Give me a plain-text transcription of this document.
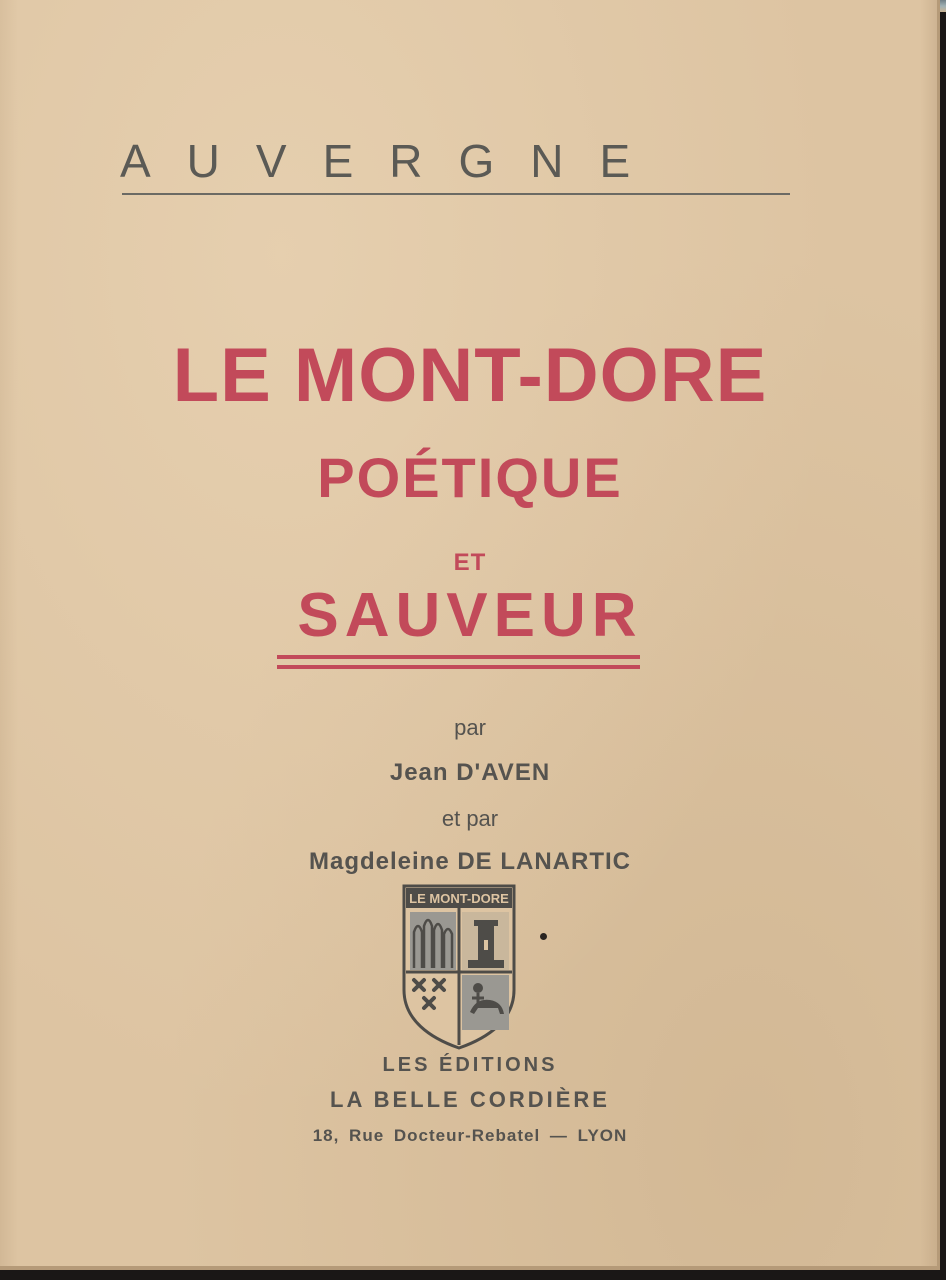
AUVERGNE
LE MONT-DORE
POÉTIQUE
ET
SAUVEUR
par
Jean D'AVEN
et par
Magdeleine DE LANARTIC
LE MONT-DORE
LES ÉDITIONS
LA BELLE CORDIÈRE
18, Rue Docteur-Rebatel — LYON
